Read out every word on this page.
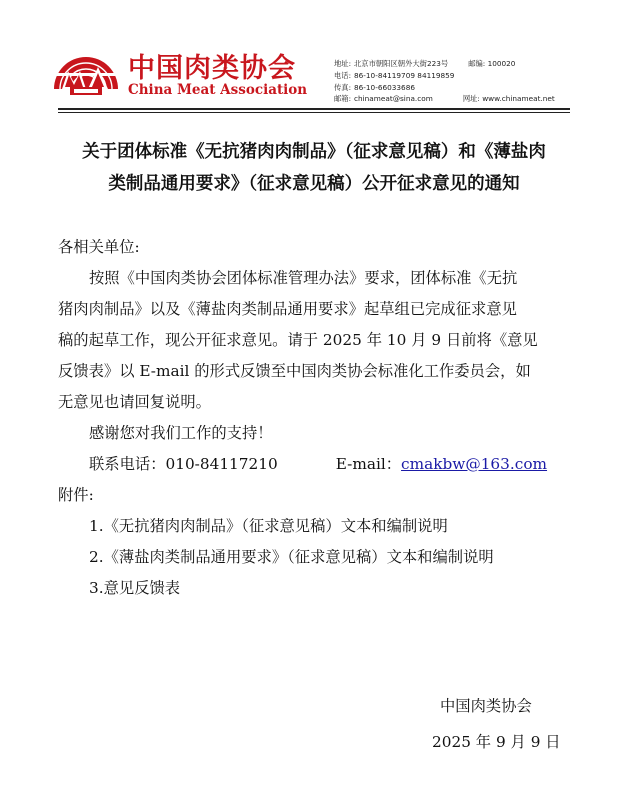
中国肉类协会
China Meat Association
地址: 北京市朝阳区朝外大街223号	邮编: 100020
电话: 86-10-84119709 84119859
传真: 86-10-66033686
邮箱: chinameat@sina.com	网址: www.chinameat.net
关于团体标准《无抗猪肉肉制品》（征求意见稿）和《薄盐肉
类制品通用要求》（征求意见稿）公开征求意见的通知

各相关单位:

按照《中国肉类协会团体标准管理办法》要求，团体标准《无抗

猪肉肉制品》以及《薄盐肉类制品通用要求》起草组已完成征求意见

稿的起草工作，现公开征求意见。请于 2025 年 10 月 9 日前将《意见

反馈表》以 E-mail 的形式反馈至中国肉类协会标准化工作委员会，如

无意见也请回复说明。

感谢您对我们工作的支持！

联系电话：010-84117210	E-mail：cmakbw@163.com

附件:

1.《无抗猪肉肉制品》（征求意见稿）文本和编制说明

2.《薄盐肉类制品通用要求》（征求意见稿）文本和编制说明

3.意见反馈表

中国肉类协会
2025 年 9 月 9 日
